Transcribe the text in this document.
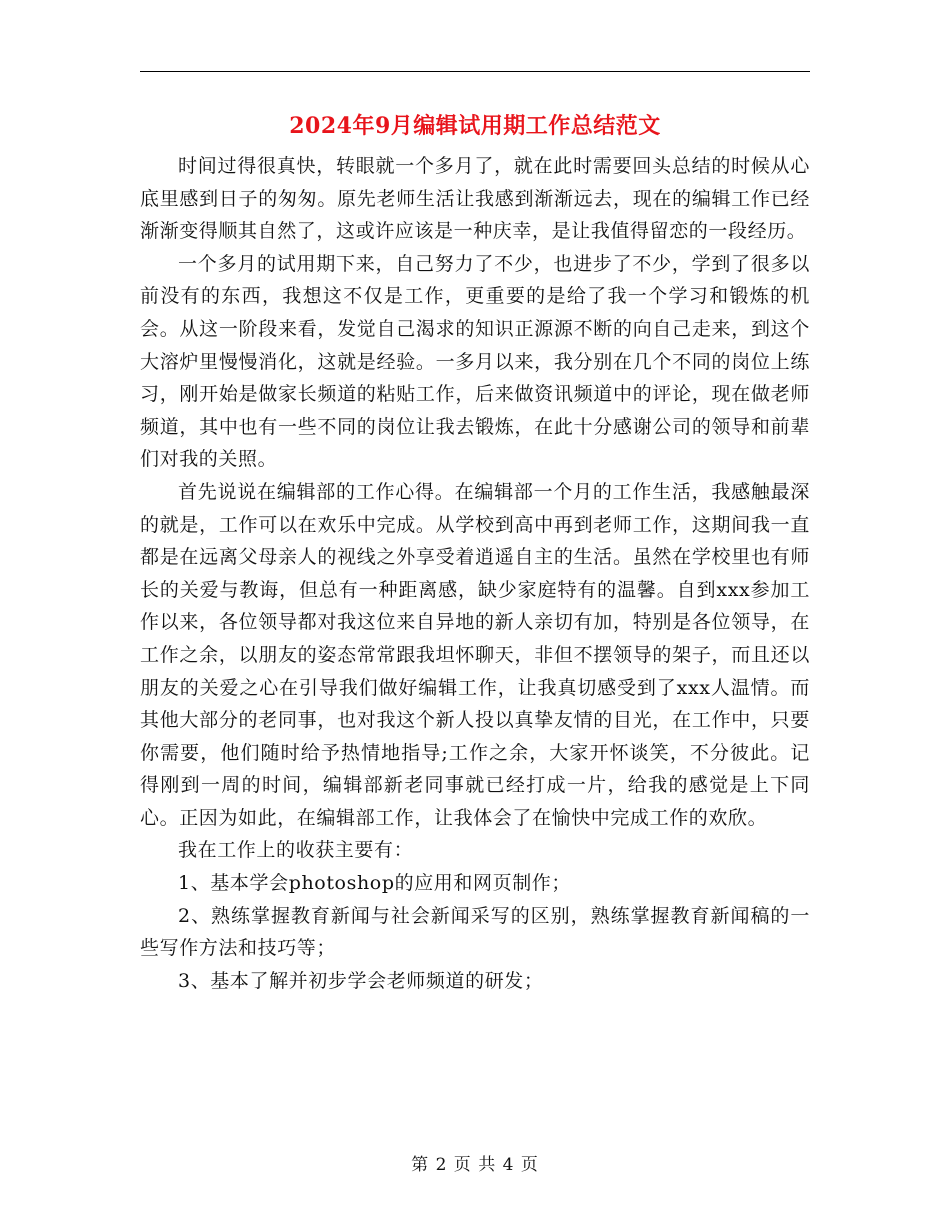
2024年9月编辑试用期工作总结范文

时间过得很真快，转眼就一个多月了，就在此时需要回头总结的时候从心底里感到日子的匆匆。原先老师生活让我感到渐渐远去，现在的编辑工作已经渐渐变得顺其自然了，这或许应该是一种庆幸，是让我值得留恋的一段经历。

一个多月的试用期下来，自己努力了不少，也进步了不少，学到了很多以前没有的东西，我想这不仅是工作，更重要的是给了我一个学习和锻炼的机会。从这一阶段来看，发觉自己渴求的知识正源源不断的向自己走来，到这个大溶炉里慢慢消化，这就是经验。一多月以来，我分别在几个不同的岗位上练习，刚开始是做家长频道的粘贴工作，后来做资讯频道中的评论，现在做老师频道，其中也有一些不同的岗位让我去锻炼，在此十分感谢公司的领导和前辈们对我的关照。

首先说说在编辑部的工作心得。在编辑部一个月的工作生活，我感触最深的就是，工作可以在欢乐中完成。从学校到高中再到老师工作，这期间我一直都是在远离父母亲人的视线之外享受着逍遥自主的生活。虽然在学校里也有师长的关爱与教诲，但总有一种距离感，缺少家庭特有的温馨。自到xxx参加工作以来，各位领导都对我这位来自异地的新人亲切有加，特别是各位领导，在工作之余，以朋友的姿态常常跟我坦怀聊天，非但不摆领导的架子，而且还以朋友的关爱之心在引导我们做好编辑工作，让我真切感受到了xxx人温情。而其他大部分的老同事，也对我这个新人投以真挚友情的目光，在工作中，只要你需要，他们随时给予热情地指导;工作之余，大家开怀谈笑，不分彼此。记得刚到一周的时间，编辑部新老同事就已经打成一片，给我的感觉是上下同心。正因为如此，在编辑部工作，让我体会了在愉快中完成工作的欢欣。

我在工作上的收获主要有：

1、基本学会photoshop的应用和网页制作；

2、熟练掌握教育新闻与社会新闻采写的区别，熟练掌握教育新闻稿的一些写作方法和技巧等；

3、基本了解并初步学会老师频道的研发；

第 2 页 共 4 页
